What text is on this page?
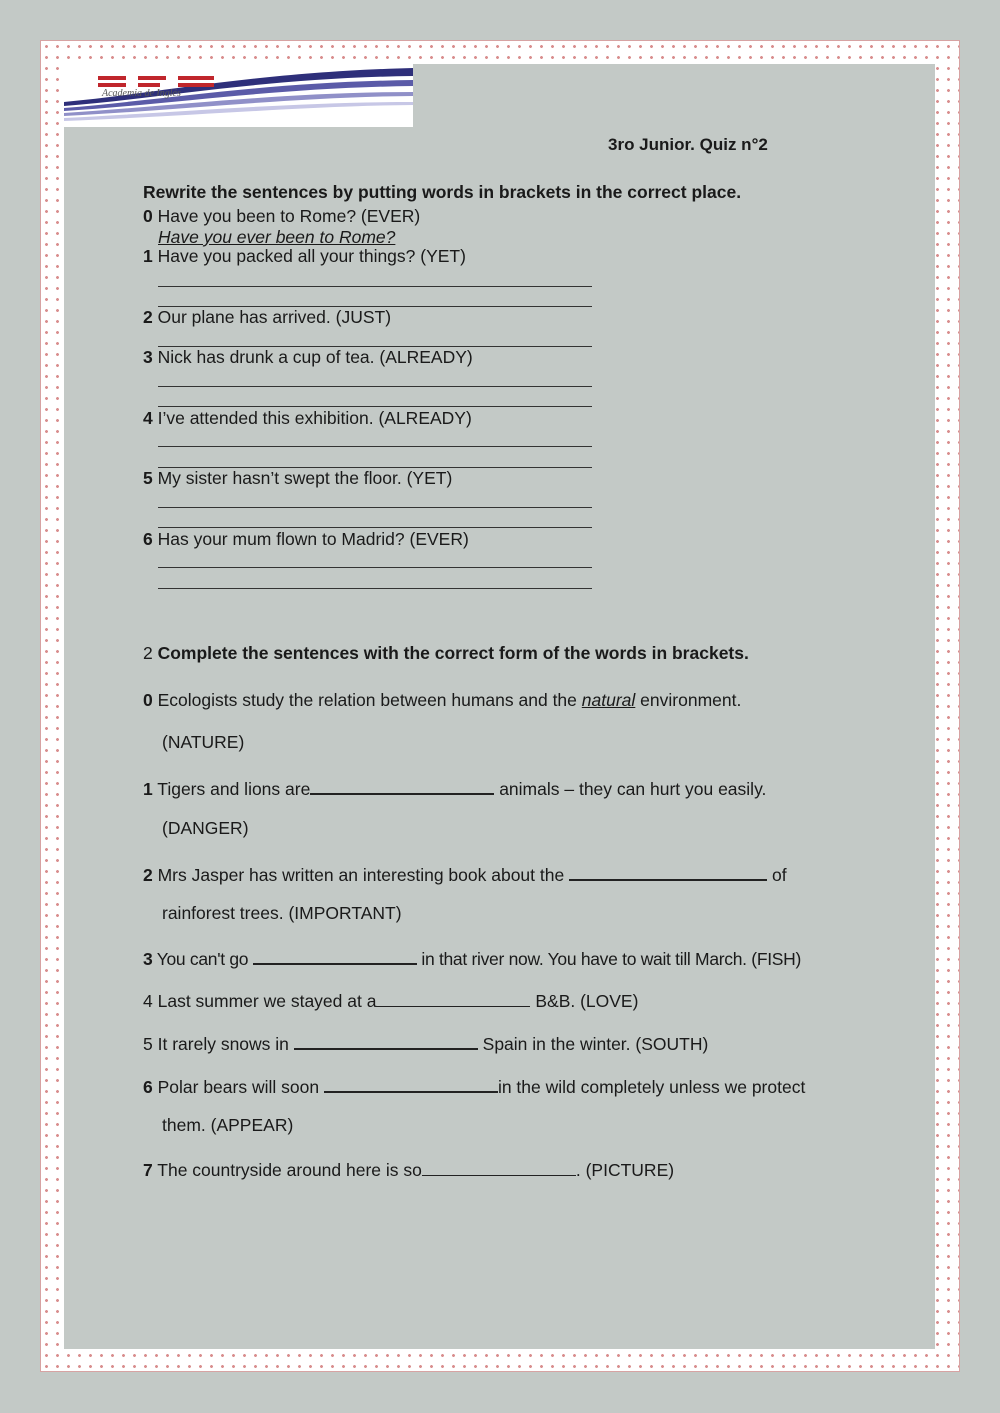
Academia de Inglés
3ro Junior. Quiz n°2
Rewrite the sentences by putting words in brackets in the correct place.
0 Have you been to Rome? (EVER)
Have you ever been to Rome?
1 Have you packed all your things? (YET)
2 Our plane has arrived. (JUST)
3 Nick has drunk a cup of tea. (ALREADY)
4 I’ve attended this exhibition. (ALREADY)
5 My sister hasn’t swept the floor. (YET)
6 Has your mum flown to Madrid? (EVER)
2 Complete the sentences with the correct form of the words in brackets.
0 Ecologists study the relation between humans and the natural environment.
(NATURE)
1 Tigers and lions are	animals – they can hurt you easily.
(DANGER)
2 Mrs Jasper has written an interesting book about the	of
rainforest trees. (IMPORTANT)
3 You can't go	in that river now. You have to wait till March. (FISH)
4 Last summer we stayed at a	B&B. (LOVE)
5 It rarely snows in	Spain in the winter. (SOUTH)
6 Polar bears will soon	in the wild completely unless we protect
them. (APPEAR)
7 The countryside around here is so	. (PICTURE)
